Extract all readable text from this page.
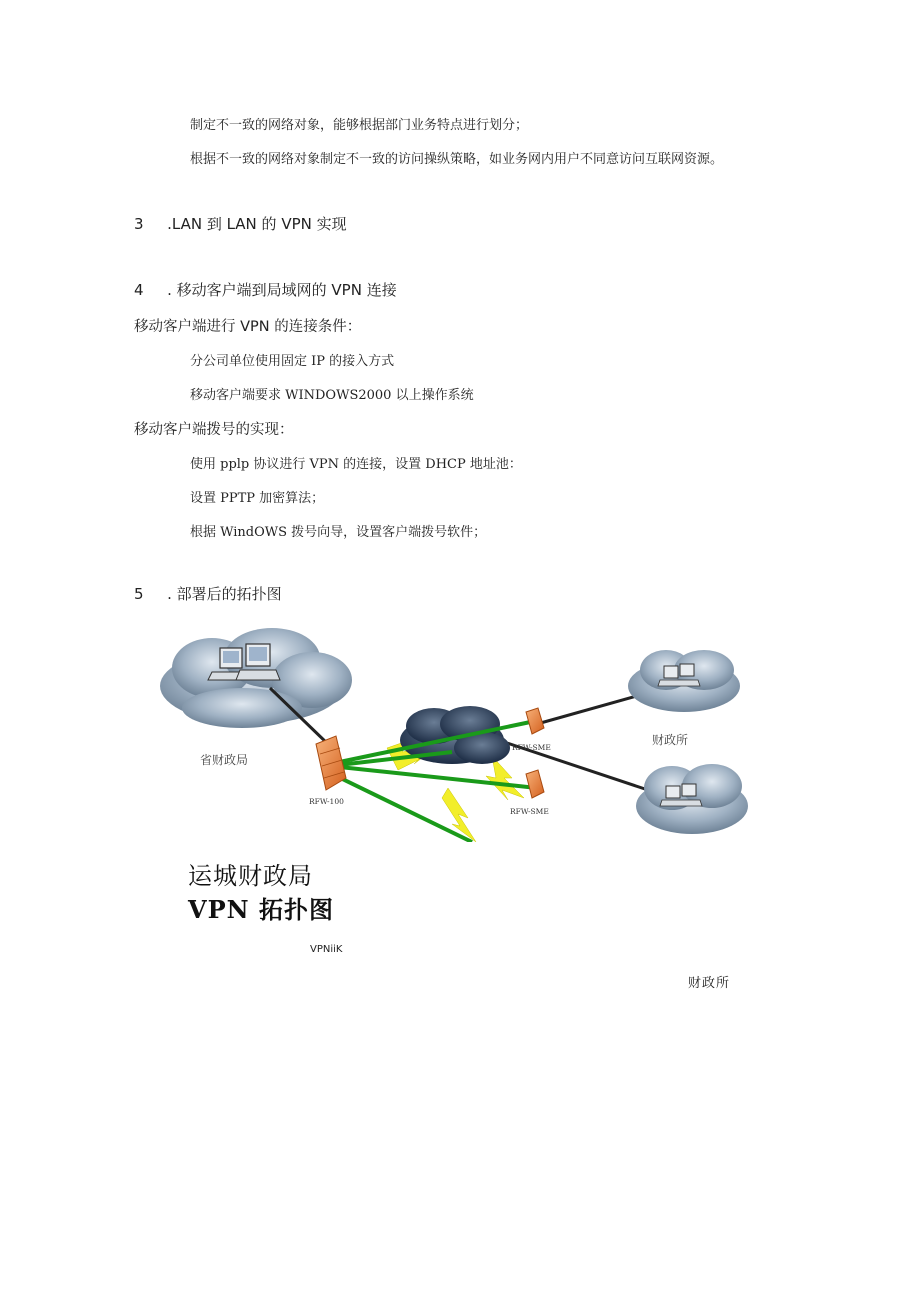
制定不一致的网络对象，能够根据部门业务特点进行划分；
根据不一致的网络对象制定不一致的访问操纵策略，如业务网内用户不同意访问互联网资源。
3 .LAN 到 LAN 的 VPN 实现
4 . 移动客户端到局域网的 VPN 连接
移动客户端进行 VPN 的连接条件：
分公司单位使用固定 IP 的接入方式
移动客户端要求 WINDOWS2000 以上操作系统
移动客户端拨号的实现：
使用 pplp 协议进行 VPN 的连接，设置 DHCP 地址池：
设置 PPTP 加密算法；
根据 WindOWS 拨号向导，设置客户端拨号软件；
5 . 部署后的拓扑图
RFW-100
RFW-SME
RFW-SME
省财政局
财政所
运城财政局
VPN 拓扑图
VPNiiK
财政所
